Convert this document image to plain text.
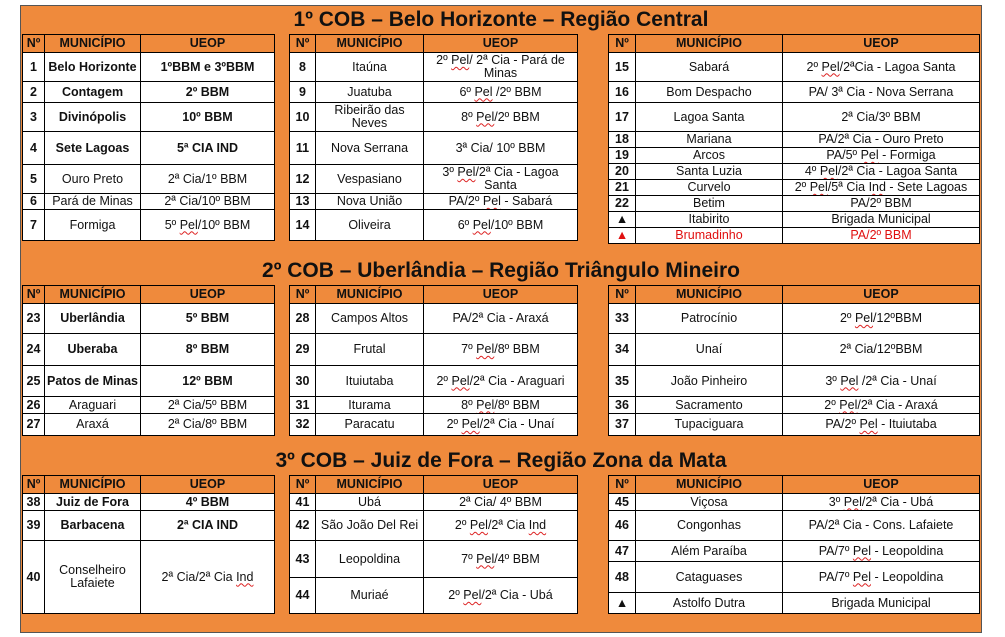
1º COB – Belo Horizonte – Região Central
2º COB – Uberlândia – Região Triângulo Mineiro
3º COB – Juiz de Fora – Região Zona da Mata
Nº	MUNICÍPIO	UEOP
1	Belo Horizonte	1ºBBM e 3ºBBM
2	Contagem	2º BBM
3	Divinópolis	10º BBM
4	Sete Lagoas	5ª CIA IND
5	Ouro Preto	2ª Cia/1º BBM
6	Pará de Minas	2ª Cia/10º BBM
7	Formiga	5º Pel/10º BBM
Nº	MUNICÍPIO	UEOP
8	Itaúna	2º Pel/ 2ª Cia - Pará de Minas
9	Juatuba	6º Pel /2º BBM
10	Ribeirão das Neves	8º Pel/2º BBM
11	Nova Serrana	3ª Cia/ 10º BBM
12	Vespasiano	3º Pel/2ª Cia - Lagoa Santa
13	Nova União	PA/2º Pel - Sabará
14	Oliveira	6º Pel/10º BBM
Nº	MUNICÍPIO	UEOP
15	Sabará	2º Pel/2ªCia - Lagoa Santa
16	Bom Despacho	PA/ 3ª Cia - Nova Serrana
17	Lagoa Santa	2ª Cia/3º BBM
18	Mariana	PA/2ª Cia - Ouro Preto
19	Arcos	PA/5º Pel - Formiga
20	Santa Luzia	4º Pel/2ª Cia - Lagoa Santa
21	Curvelo	2º Pel/5ª Cia Ind - Sete Lagoas
22	Betim	PA/2º BBM
▲	Itabirito	Brigada Municipal
▲	Brumadinho	PA/2º BBM
Nº	MUNICÍPIO	UEOP
23	Uberlândia	5º BBM
24	Uberaba	8º BBM
25	Patos de Minas	12º BBM
26	Araguari	2ª Cia/5º BBM
27	Araxá	2ª Cia/8º BBM
Nº	MUNICÍPIO	UEOP
28	Campos Altos	PA/2ª Cia - Araxá
29	Frutal	7º Pel/8º BBM
30	Ituiutaba	2º Pel/2ª Cia - Araguari
31	Iturama	8º Pel/8º BBM
32	Paracatu	2º Pel/2ª Cia - Unaí
Nº	MUNICÍPIO	UEOP
33	Patrocínio	2º Pel/12ºBBM
34	Unaí	2ª Cia/12ºBBM
35	João Pinheiro	3º Pel /2ª Cia - Unaí
36	Sacramento	2º Pel/2ª Cia - Araxá
37	Tupaciguara	PA/2º Pel - Ituiutaba
Nº	MUNICÍPIO	UEOP
38	Juiz de Fora	4º BBM
39	Barbacena	2ª CIA IND
40	Conselheiro Lafaiete	2ª Cia/2ª Cia Ind
Nº	MUNICÍPIO	UEOP
41	Ubá	2ª Cia/ 4º BBM
42	São João Del Rei	2º Pel/2ª Cia Ind
43	Leopoldina	7º Pel/4º BBM
44	Muriaé	2º Pel/2ª Cia - Ubá
Nº	MUNICÍPIO	UEOP
45	Viçosa	3º Pel/2ª Cia - Ubá
46	Congonhas	PA/2ª Cia - Cons. Lafaiete
47	Além Paraíba	PA/7º Pel - Leopoldina
48	Cataguases	PA/7º Pel - Leopoldina
▲	Astolfo Dutra	Brigada Municipal
